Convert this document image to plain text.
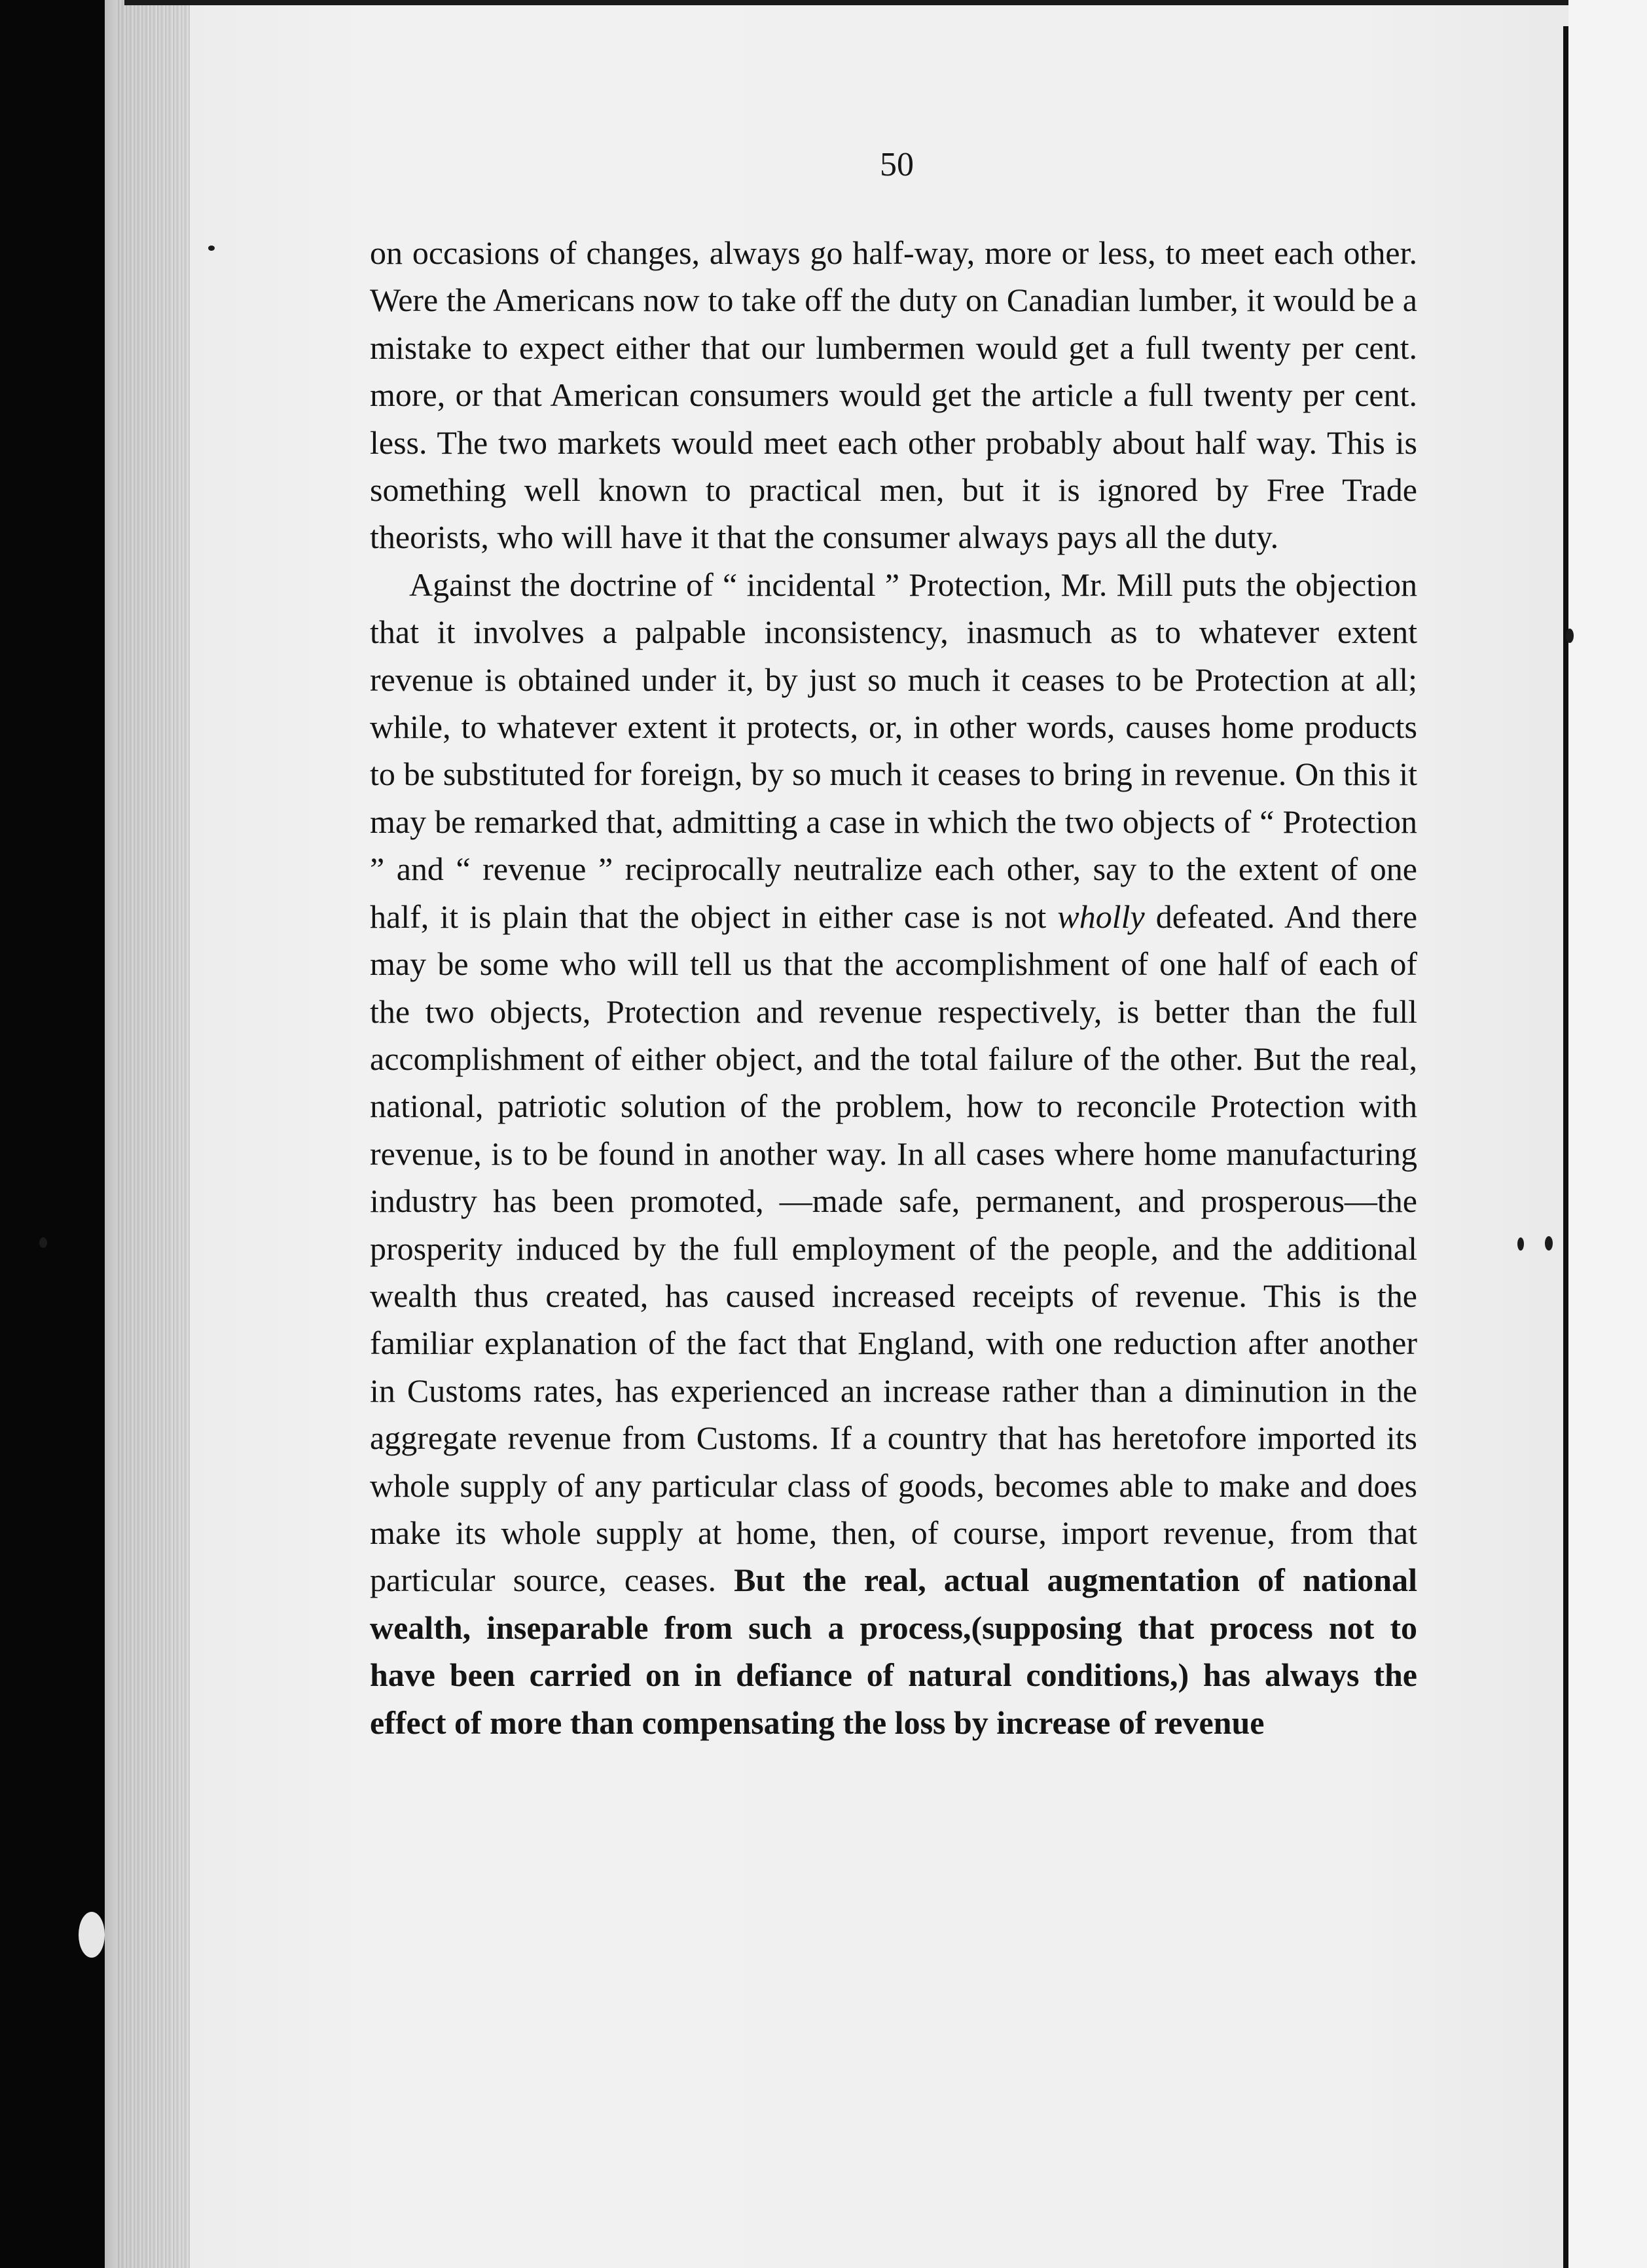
50

on occasions of changes, always go half-way, more or less, to meet each other. Were the Americans now to take off the duty on Canadian lumber, it would be a mistake to expect either that our lumbermen would get a full twenty per cent. more, or that American consumers would get the article a full twenty per cent. less. The two markets would meet each other probably about half way. This is something well known to practical men, but it is ignored by Free Trade theorists, who will have it that the consumer always pays all the duty.

Against the doctrine of “ incidental ” Protection, Mr. Mill puts the objection that it involves a palpable inconsistency, inasmuch as to whatever extent revenue is obtained under it, by just so much it ceases to be Protection at all; while, to whatever extent it protects, or, in other words, causes home products to be substituted for foreign, by so much it ceases to bring in revenue. On this it may be remarked that, admitting a case in which the two objects of “ Protection ” and “ revenue ” reciprocally neutralize each other, say to the extent of one half, it is plain that the object in either case is not wholly defeated. And there may be some who will tell us that the accomplishment of one half of each of the two objects, Protection and revenue respectively, is better than the full accomplishment of either object, and the total failure of the other. But the real, national, patriotic solution of the problem, how to reconcile Protection with revenue, is to be found in another way. In all cases where home manufacturing industry has been promoted, —made safe, permanent, and prosperous—the prosperity induced by the full employment of the people, and the additional wealth thus created, has caused increased receipts of revenue. This is the familiar explanation of the fact that England, with one reduction after another in Customs rates, has experienced an increase rather than a diminution in the aggregate revenue from Customs. If a country that has heretofore imported its whole supply of any particular class of goods, becomes able to make and does make its whole supply at home, then, of course, import revenue, from that particular source, ceases. But the real, actual augmentation of national wealth, inseparable from such a process,(supposing that process not to have been carried on in defiance of natural conditions,) has always the effect of more than compensating the loss by increase of revenue
